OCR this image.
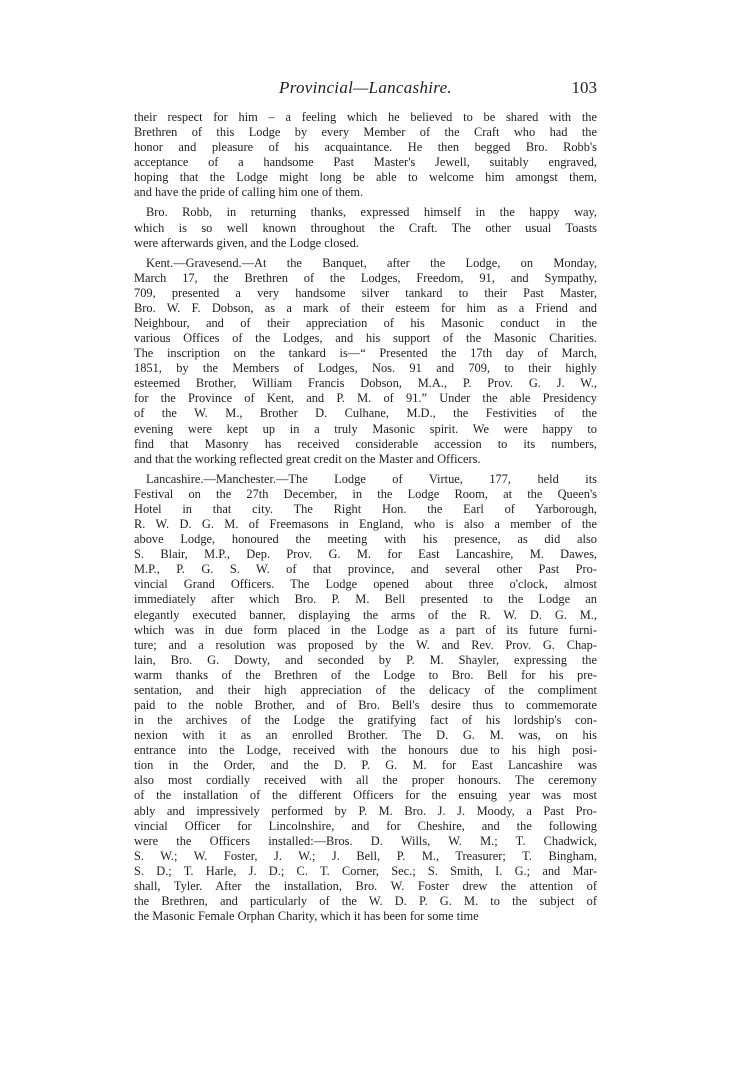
Provincial—Lancashire.	103
their respect for him – a feeling which he believed to be shared with the
Brethren of this Lodge by every Member of the Craft who had the
honor and pleasure of his acquaintance. He then begged Bro. Robb's
acceptance of a handsome Past Master's Jewell, suitably engraved,
hoping that the Lodge might long be able to welcome him amongst them,
and have the pride of calling him one of them.
Bro. Robb, in returning thanks, expressed himself in the happy way,
which is so well known throughout the Craft. The other usual Toasts
were afterwards given, and the Lodge closed.
Kent.—Gravesend.—At the Banquet, after the Lodge, on Monday,
March 17, the Brethren of the Lodges, Freedom, 91, and Sympathy,
709, presented a very handsome silver tankard to their Past Master,
Bro. W. F. Dobson, as a mark of their esteem for him as a Friend and
Neighbour, and of their appreciation of his Masonic conduct in the
various Offices of the Lodges, and his support of the Masonic Charities.
The inscription on the tankard is—“ Presented the 17th day of March,
1851, by the Members of Lodges, Nos. 91 and 709, to their highly
esteemed Brother, William Francis Dobson, M.A., P. Prov. G. J. W.,
for the Province of Kent, and P. M. of 91.” Under the able Presidency
of the W. M., Brother D. Culhane, M.D., the Festivities of the
evening were kept up in a truly Masonic spirit. We were happy to
find that Masonry has received considerable accession to its numbers,
and that the working reflected great credit on the Master and Officers.
Lancashire.—Manchester.—The Lodge of Virtue, 177, held its
Festival on the 27th December, in the Lodge Room, at the Queen's
Hotel in that city. The Right Hon. the Earl of Yarborough,
R. W. D. G. M. of Freemasons in England, who is also a member of the
above Lodge, honoured the meeting with his presence, as did also
S. Blair, M.P., Dep. Prov. G. M. for East Lancashire, M. Dawes,
M.P., P. G. S. W. of that province, and several other Past Pro-
vincial Grand Officers. The Lodge opened about three o'clock, almost
immediately after which Bro. P. M. Bell presented to the Lodge an
elegantly executed banner, displaying the arms of the R. W. D. G. M.,
which was in due form placed in the Lodge as a part of its future furni-
ture; and a resolution was proposed by the W. and Rev. Prov. G. Chap-
lain, Bro. G. Dowty, and seconded by P. M. Shayler, expressing the
warm thanks of the Brethren of the Lodge to Bro. Bell for his pre-
sentation, and their high appreciation of the delicacy of the compliment
paid to the noble Brother, and of Bro. Bell's desire thus to commemorate
in the archives of the Lodge the gratifying fact of his lordship's con-
nexion with it as an enrolled Brother. The D. G. M. was, on his
entrance into the Lodge, received with the honours due to his high posi-
tion in the Order, and the D. P. G. M. for East Lancashire was
also most cordially received with all the proper honours. The ceremony
of the installation of the different Officers for the ensuing year was most
ably and impressively performed by P. M. Bro. J. J. Moody, a Past Pro-
vincial Officer for Lincolnshire, and for Cheshire, and the following
were the Officers installed:—Bros. D. Wills, W. M.; T. Chadwick,
S. W.; W. Foster, J. W.; J. Bell, P. M., Treasurer; T. Bingham,
S. D.; T. Harle, J. D.; C. T. Corner, Sec.; S. Smith, I. G.; and Mar-
shall, Tyler. After the installation, Bro. W. Foster drew the attention of
the Brethren, and particularly of the W. D. P. G. M. to the subject of
the Masonic Female Orphan Charity, which it has been for some time
